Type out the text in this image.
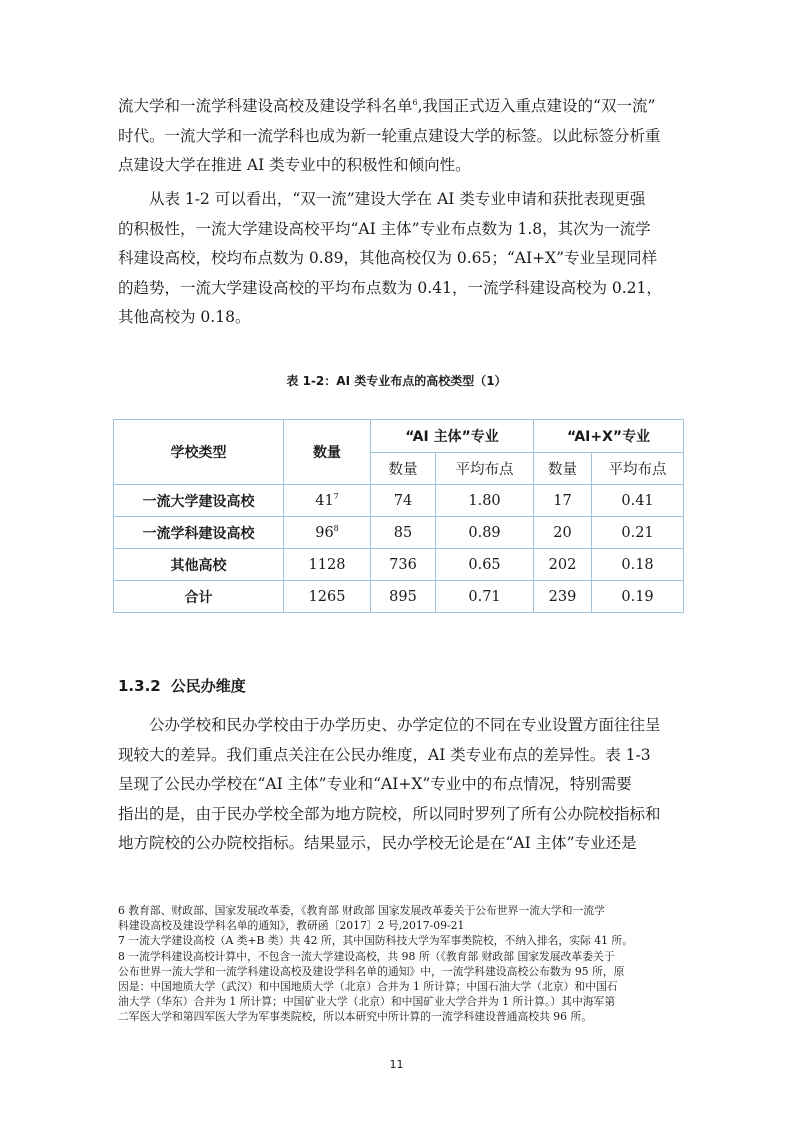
流大学和一流学科建设高校及建设学科名单$^6$,我国正式迈入重点建设的“双一流”
时代。一流大学和一流学科也成为新一轮重点建设大学的标签。以此标签分析重
点建设大学在推进 AI 类专业中的积极性和倾向性。
从表 1-2 可以看出，“双一流”建设大学在 AI 类专业申请和获批表现更强
的积极性，一流大学建设高校平均“AI 主体”专业布点数为 1.8，其次为一流学
科建设高校，校均布点数为 0.89，其他高校仅为 0.65；“AI+X”专业呈现同样
的趋势，一流大学建设高校的平均布点数为 0.41，一流学科建设高校为 0.21，
其他高校为 0.18。
表 1-2：AI 类专业布点的高校类型（1）
学校类型	数量	“AI 主体”专业		“AI+X”专业	
		数量	平均布点	数量	平均布点
一流大学建设高校	$41^7$	74	1.80	17	0.41
一流学科建设高校	$96^8$	85	0.89	20	0.21
其他高校	1128	736	0.65	202	0.18
合计	1265	895	0.71	239	0.19
1.3.2 公民办维度
公办学校和民办学校由于办学历史、办学定位的不同在专业设置方面往往呈
现较大的差异。我们重点关注在公民办维度，AI 类专业布点的差异性。表 1-3
呈现了公民办学校在“AI 主体”专业和“AI+X”专业中的布点情况，特别需要
指出的是，由于民办学校全部为地方院校，所以同时罗列了所有公办院校指标和
地方院校的公办院校指标。结果显示，民办学校无论是在“AI 主体”专业还是
6 教育部、财政部、国家发展改革委，《教育部 财政部 国家发展改革委关于公布世界一流大学和一流学
科建设高校及建设学科名单的通知》，教研函〔2017〕2 号,2017-09-21
7 一流大学建设高校（A 类+B 类）共 42 所，其中国防科技大学为军事类院校，不纳入排名，实际 41 所。
8 一流学科建设高校计算中，不包含一流大学建设高校，共 98 所（《教育部 财政部 国家发展改革委关于
公布世界一流大学和一流学科建设高校及建设学科名单的通知》中，一流学科建设高校公布数为 95 所，原
因是：中国地质大学（武汉）和中国地质大学（北京）合并为 1 所计算；中国石油大学（北京）和中国石
油大学（华东）合并为 1 所计算；中国矿业大学（北京）和中国矿业大学合并为 1 所计算。）其中海军第
二军医大学和第四军医大学为军事类院校，所以本研究中所计算的一流学科建设普通高校共 96 所。
11
